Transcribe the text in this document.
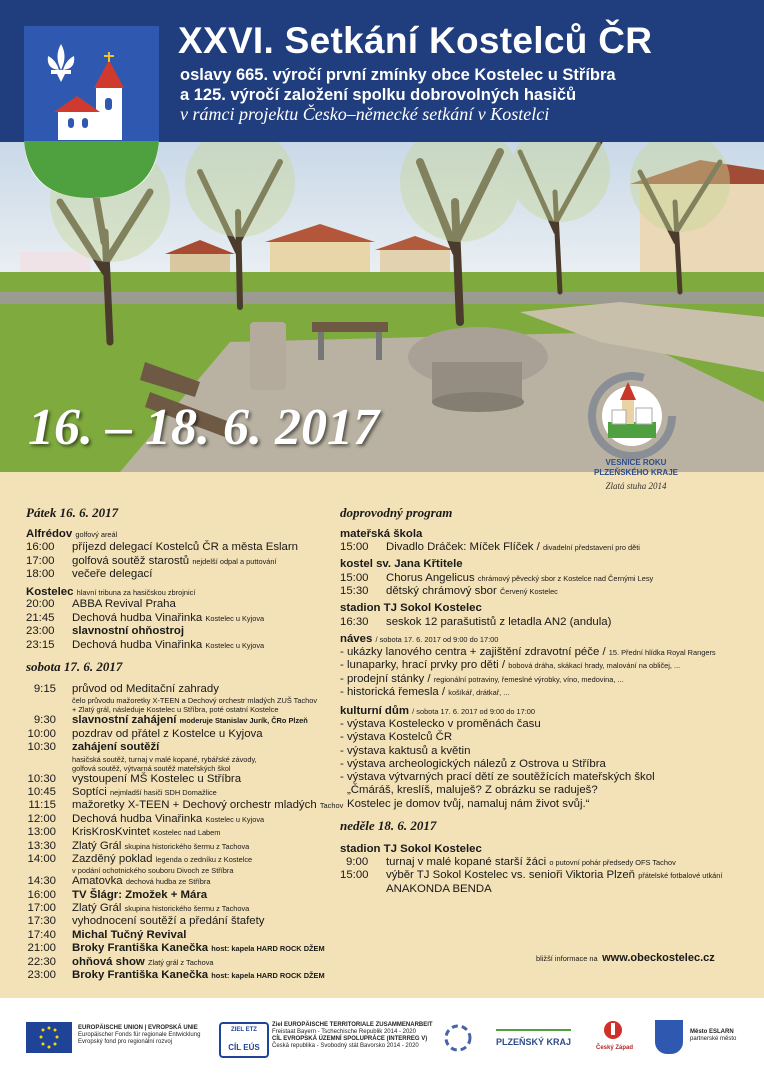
XXVI. Setkání Kostelců ČR
oslavy 665. výročí první zmínky obce Kostelec u Stříbra
a 125. výročí založení spolku dobrovolných hasičů
v rámci projektu Česko–německé setkání v Kostelci
16. – 18. 6. 2017
VESNICE ROKU
PLZEŇSKÉHO KRAJE
Zlatá stuha 2014
Pátek 16. 6. 2017
Alfrédov golfový areál
16:00 příjezd delegací Kostelců ČR a města Eslarn
17:00 golfová soutěž starostů nejdelší odpal a puttování
18:00 večeře delegací
Kostelec hlavní tribuna za hasičskou zbrojnicí
20:00 ABBA Revival Praha
21:45 Dechová hudba Vinařinka Kostelec u Kyjova
23:00 slavnostní ohňostroj
23:15 Dechová hudba Vinařinka Kostelec u Kyjova
sobota 17. 6. 2017
9:15 průvod od Meditační zahrady
čelo průvodu mažoretky X-TEEN a Dechový orchestr mladých ZUŠ Tachov
+ Zlatý grál, následuje Kostelec u Stříbra, poté ostatní Kostelce
9:30 slavnostní zahájení moderuje Stanislav Jurík, ČRo Plzeň
10:00 pozdrav od přátel z Kostelce u Kyjova
10:30 zahájení soutěží
hasičská soutěž, turnaj v malé kopané, rybářské závody,
golfová soutěž, výtvarná soutěž mateřských škol
10:30 vystoupení MŠ Kostelec u Stříbra
10:45 Soptíci nejmladší hasiči SDH Domažlice
11:15 mažoretky X-TEEN + Dechový orchestr mladých Tachov
12:00 Dechová hudba Vinařinka Kostelec u Kyjova
13:00 KrisKrosKvintet Kostelec nad Labem
13:30 Zlatý Grál skupina historického šermu z Tachova
14:00 Zazděný poklad legenda o zedníku z Kostelce
v podání ochotnického souboru Divoch ze Stříbra
14:30 Amatovka dechová hudba ze Stříbra
16:00 TV Šlágr: Zmožek + Mára
17:00 Zlatý Grál skupina historického šermu z Tachova
17:30 vyhodnocení soutěží a předání štafety
17:40 Michal Tučný Revival
21:00 Broky Františka Kanečka host: kapela HARD ROCK DŽEM
22:30 ohňová show Zlatý grál z Tachova
23:00 Broky Františka Kanečka host: kapela HARD ROCK DŽEM
doprovodný program
mateřská škola
15:00 Divadlo Dráček: Míček Flíček / divadelní představení pro děti
kostel sv. Jana Křtitele
15:00 Chorus Angelicus chrámový pěvecký sbor z Kostelce nad Černými Lesy
15:30 dětský chrámový sbor Červený Kostelec
stadion TJ Sokol Kostelec
16:30 seskok 12 parašutistů z letadla AN2 (andula)
náves / sobota 17. 6. 2017 od 9:00 do 17:00
- ukázky lanového centra + zajištění zdravotní péče / 15. Přední hlídka Royal Rangers
- lunaparky, hrací prvky pro děti / bobová dráha, skákací hrady, malování na obličej, ...
- prodejní stánky / regionální potraviny, řemeslné výrobky, víno, medovina, ...
- historická řemesla / košíkář, drátkař, ...
kulturní dům / sobota 17. 6. 2017 od 9:00 do 17:00
- výstava Kostelecko v proměnách času
- výstava Kostelců ČR
- výstava kaktusů a květin
- výstava archeologických nálezů z Ostrova u Stříbra
- výstava výtvarných prací dětí ze soutěžících mateřských škol
„Čmáráš, kreslíš, maluješ? Z obrázku se raduješ?
Kostelec je domov tvůj, namaluj nám život svůj.“
neděle 18. 6. 2017
stadion TJ Sokol Kostelec
9:00 turnaj v malé kopané starší žáci o putovní pohár předsedy OFS Tachov
15:00 výběr TJ Sokol Kostelec vs. senioři Viktoria Plzeň přátelské fotbalové utkání
ANAKONDA BENDA
bližší informace na www.obeckostelec.cz
EUROPÄISCHE UNION | EVROPSKÁ UNIE
Europäischer Fonds für regionale Entwicklung
Evropský fond pro regionální rozvoj
ZIEL ETZ
CÍL EÚS
Ziel EUROPÄISCHE TERRITORIALE ZUSAMMENARBEIT
Freistaat Bayern - Tschechische Republik 2014 - 2020
CÍL EVROPSKÁ ÚZEMNÍ SPOLUPRÁCE (INTERREG V)
Česká republika - Svobodný stát Bavorsko 2014 - 2020	PLZEŇSKÝ KRAJ
Český Západ
Město ESLARN
partnerské město
